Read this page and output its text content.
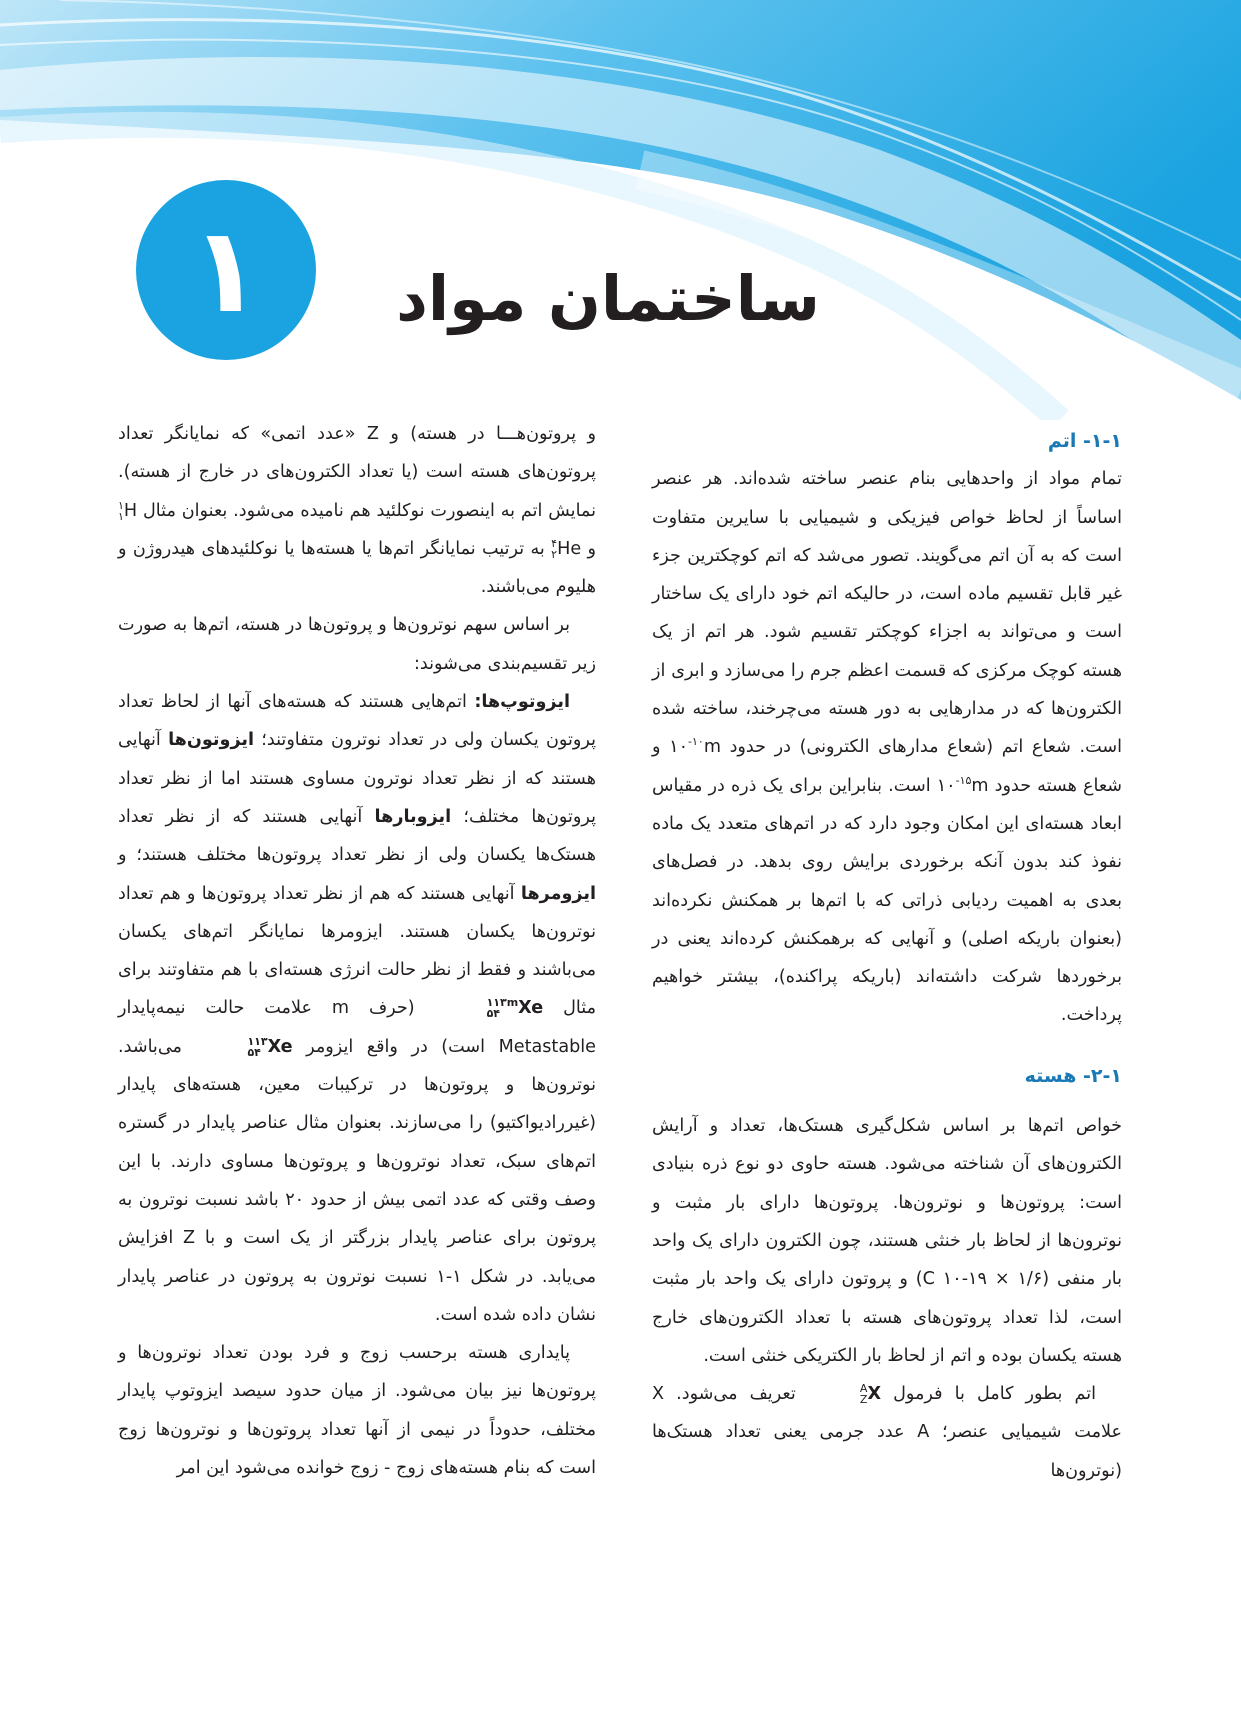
۱ ساختمان مواد

۱-۱- اتم

تمام مواد از واحدهایی بنام عنصر ساخته شده‌اند. هر عنصر اساساً از لحاظ خواص فیزیکی و شیمیایی با سایرین متفاوت است که به آن اتم می‌گویند. تصور می‌شد که اتم کوچکترین جزء غیر قابل تقسیم ماده است، در حالیکه اتم خود دارای یک ساختار است و می‌تواند به اجزاء کوچکتر تقسیم شود. هر اتم از یک هسته کوچک مرکزی که قسمت اعظم جرم را می‌سازد و ابری از الکترون‌ها که در مدارهایی به دور هسته می‌چرخند، ساخته شده است. شعاع اتم (شعاع مدارهای الکترونی) در حدود $۱۰^{-۱۰}m$ و شعاع هسته حدود $۱۰^{-۱۵}m$ است. بنابراین برای یک ذره در مقیاس ابعاد هسته‌ای این امکان وجود دارد که در اتم‌های متعدد یک ماده نفوذ کند بدون آنکه برخوردی برایش روی بدهد. در فصل‌های بعدی به اهمیت ردیابی ذراتی که با اتم‌ها بر همکنش نکرده‌اند (بعنوان باریکه اصلی) و آنهایی که برهمکنش کرده‌اند یعنی در برخوردها شرکت داشته‌اند (باریکه پراکنده)، بیشتر خواهیم پرداخت.

۲-۱- هسته

خواص اتم‌ها بر اساس شکل‌گیری هستک‌ها، تعداد و آرایش الکترون‌های آن شناخته می‌شود. هسته حاوی دو نوع ذره بنیادی است: پروتون‌ها و نوترون‌ها. پروتون‌ها دارای بار مثبت و نوترون‌ها از لحاظ بار خنثی هستند، چون الکترون دارای یک واحد بار منفی (C ۱۰-۱۹ × ۱/۶) و پروتون دارای یک واحد بار مثبت است، لذا تعداد پروتون‌های هسته با تعداد الکترون‌های خارج هسته یکسان بوده و اتم از لحاظ بار الکتریکی خنثی است.

اتم بطور کامل با فرمول
A
Z X تعریف می‌شود. X علامت شیمیایی عنصر؛ A عدد جرمی یعنی تعداد هستک‌ها (نوترون‌ها

و پروتون‌هـــا در هسته) و Z «عدد اتمی» که نمایانگر تعداد پروتون‌های هسته است (یا تعداد الکترون‌های در خارج از هسته). نمایش اتم به اینصورت نوکلئید هم نامیده می‌شود. بعنوان مثال
۱
۱ H و
۴
۲ He به ترتیب نمایانگر اتم‌ها یا هسته‌ها یا نوکلئیدهای هیدروژن و هلیوم می‌باشند.

بر اساس سهم نوترون‌ها و پروتون‌ها در هسته، اتم‌ها به صورت زیر تقسیم‌بندی می‌شوند:

ایزوتوپ‌ها: اتم‌هایی هستند که هسته‌های آنها از لحاظ تعداد پروتون یکسان ولی در تعداد نوترون متفاوتند؛ ایزوتون‌ها آنهایی هستند که از نظر تعداد نوترون مساوی هستند اما از نظر تعداد پروتون‌ها مختلف؛ ایزوبارها آنهایی هستند که از نظر تعداد هستک‌ها یکسان ولی از نظر تعداد پروتون‌ها مختلف هستند؛ و ایزومرها آنهایی هستند که هم از نظر تعداد پروتون‌ها و هم تعداد نوترون‌ها یکسان هستند. ایزومرها نمایانگر اتم‌های یکسان می‌باشند و فقط از نظر حالت انرژی هسته‌ای با هم متفاوتند برای مثال
۱۱۳m
۵۴	Xe (حرف m علامت حالت نیمه‌پایدار Metastable است) در واقع ایزومر
۱۱۳
۵۴ Xe می‌باشد. نوترون‌ها و پروتون‌ها در ترکیبات معین، هسته‌های پایدار (غیررادیواکتیو) را می‌سازند. بعنوان مثال عناصر پایدار در گستره اتم‌های سبک، تعداد نوترون‌ها و پروتون‌ها مساوی دارند. با این وصف وقتی که عدد اتمی بیش از حدود ۲۰ باشد نسبت نوترون به پروتون برای عناصر پایدار بزرگتر از یک است و با Z افزایش می‌یابد. در شکل ۱-۱ نسبت نوترون به پروتون در عناصر پایدار نشان داده شده است.

پایداری هسته برحسب زوج و فرد بودن تعداد نوترون‌ها و پروتون‌ها نیز بیان می‌شود. از میان حدود سیصد ایزوتوپ پایدار مختلف، حدوداً در نیمی از آنها تعداد پروتون‌ها و نوترون‌ها زوج است که بنام هسته‌های زوج - زوج خوانده می‌شود این امر
